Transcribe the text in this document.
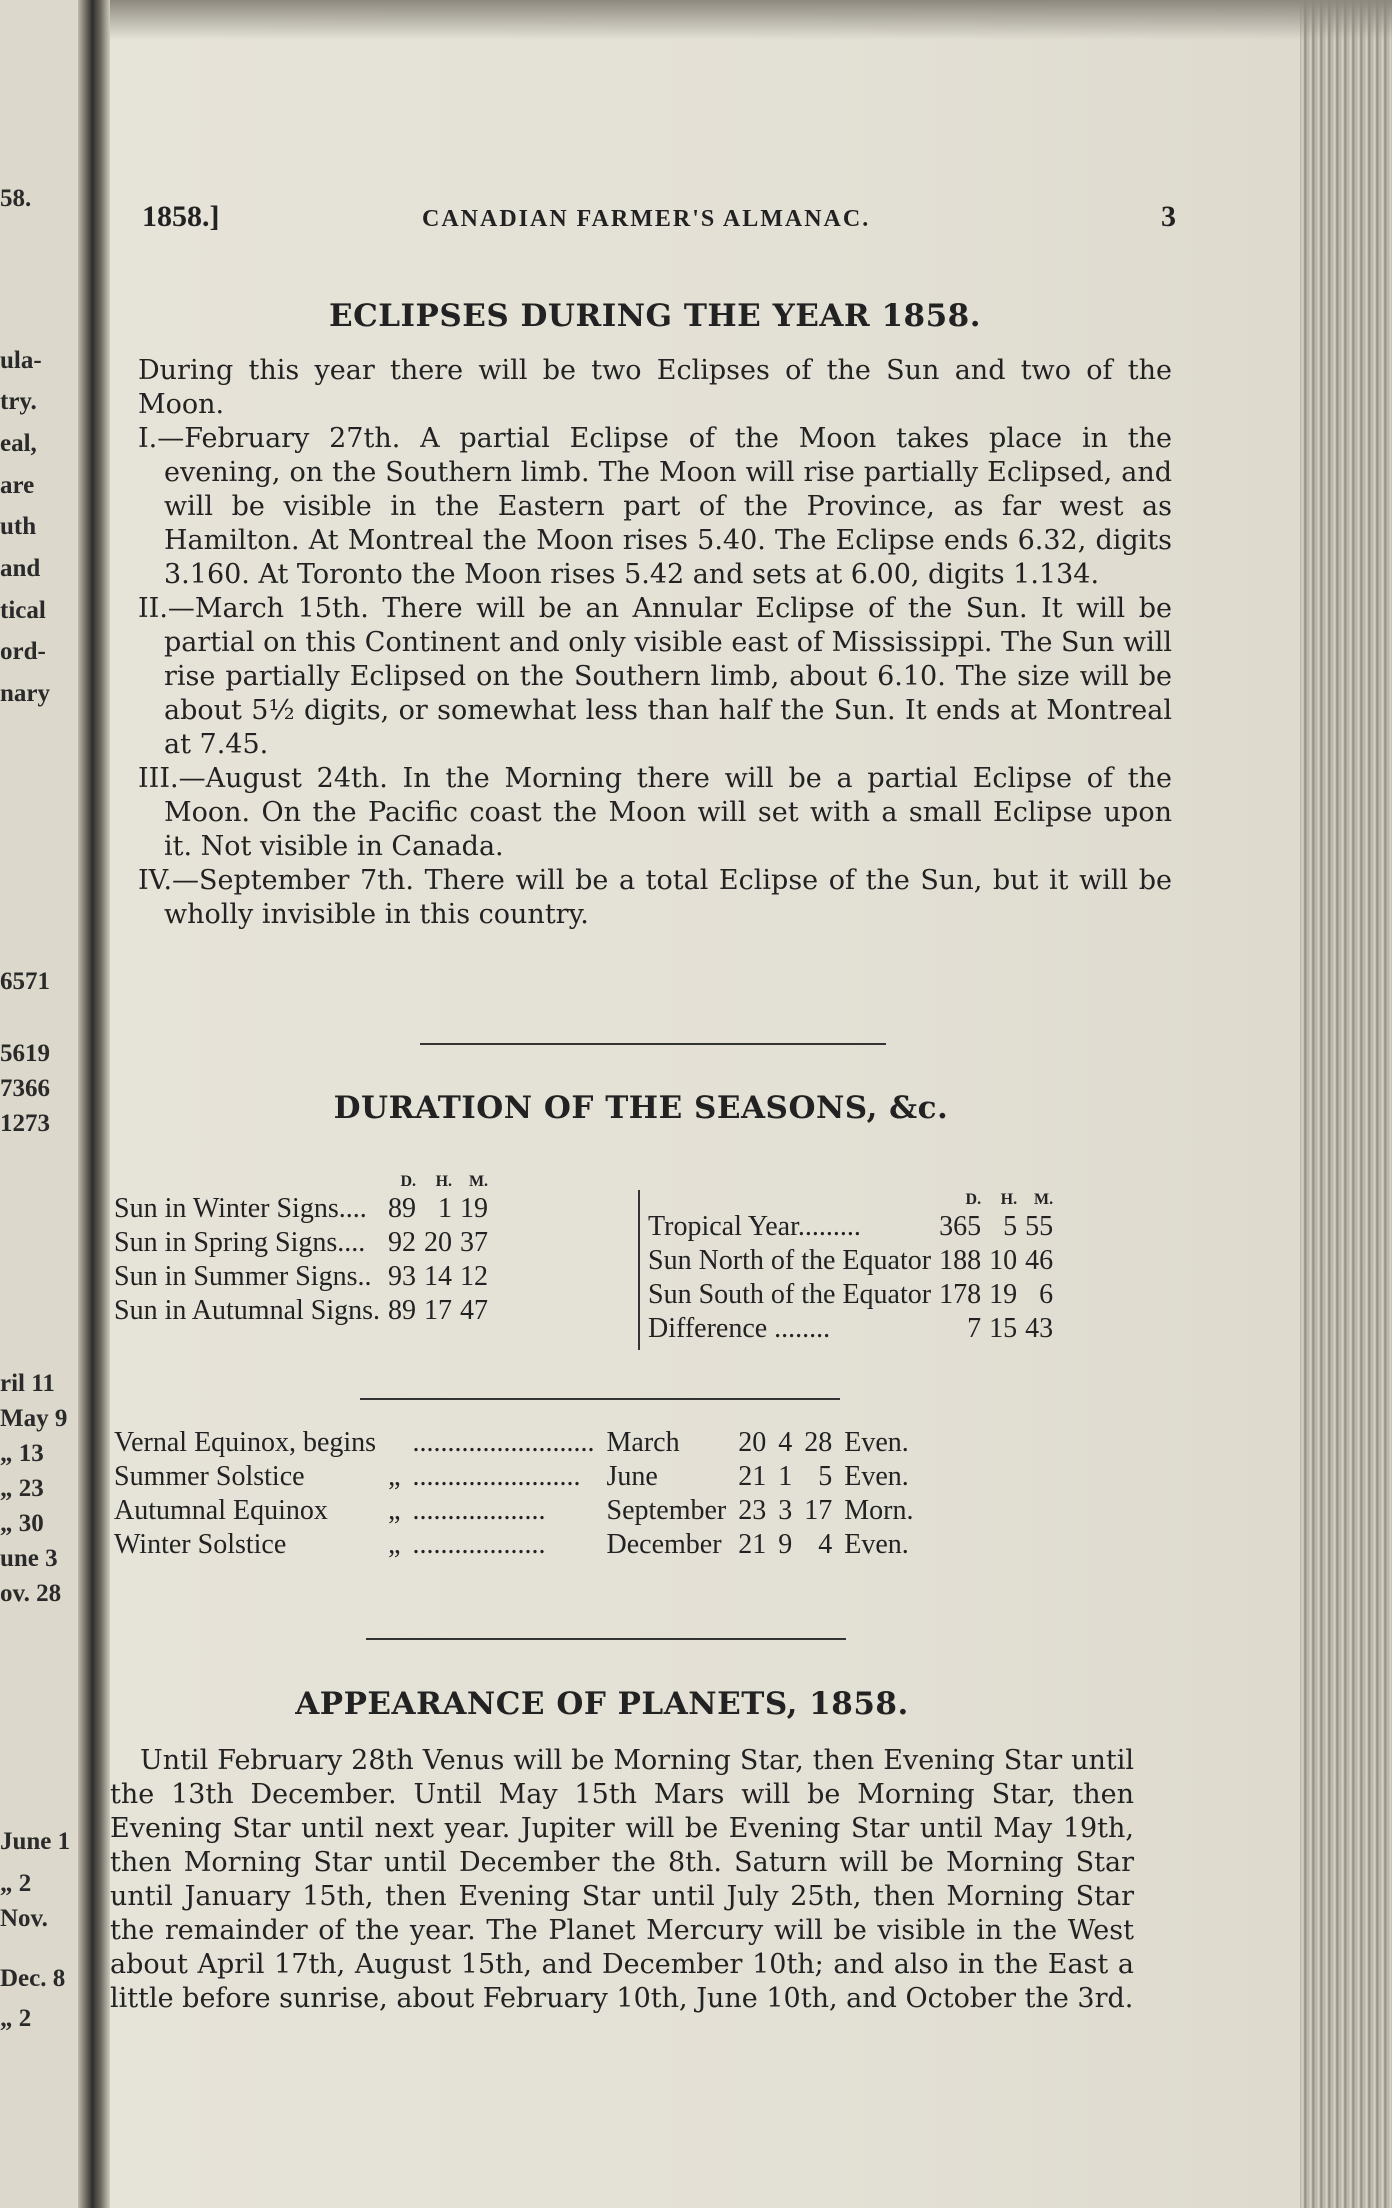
58.
ula-
try.
eal,
are
uth
and
tical
ord-
nary
6571
5619
7366
1273
ril 11
May 9
„ 13
„ 23
„ 30
une 3
ov. 28
June 1
„ 2
Nov.
Dec. 8
„ 2
1858.]	CANADIAN FARMER'S ALMANAC.	3
ECLIPSES DURING THE YEAR 1858.

During this year there will be two Eclipses of the Sun and two of the Moon.

I.—February 27th. A partial Eclipse of the Moon takes place in the evening, on the Southern limb. The Moon will rise partially Eclipsed, and will be visible in the Eastern part of the Province, as far west as Hamilton. At Montreal the Moon rises 5.40. The Eclipse ends 6.32, digits 3.160. At Toronto the Moon rises 5.42 and sets at 6.00, digits 1.134.

II.—March 15th. There will be an Annular Eclipse of the Sun. It will be partial on this Continent and only visible east of Mississippi. The Sun will rise partially Eclipsed on the Southern limb, about 6.10. The size will be about 5½ digits, or somewhat less than half the Sun. It ends at Montreal at 7.45.

III.—August 24th. In the Morning there will be a partial Eclipse of the Moon. On the Pacific coast the Moon will set with a small Eclipse upon it. Not visible in Canada.

IV.—September 7th. There will be a total Eclipse of the Sun, but it will be wholly invisible in this country.

DURATION OF THE SEASONS, &c.
	D.	H.	M.
Sun in Winter Signs....	89	1	19
Sun in Spring Signs....	92	20	37
Sun in Summer Signs..	93	14	12
Sun in Autumnal Signs.	89	17	47
	D.	H.	M.
Tropical Year.........	365	5	55
Sun North of the Equator	188	10	46
Sun South of the Equator	178	19	6
Difference ........	7	15	43
Vernal Equinox, begins		..........................	March	20	4	28	Even.
Summer Solstice	„	........................	June	21	1	5	Even.
Autumnal Equinox	„	...................	September	23	3	17	Morn.
Winter Solstice	„	...................	December	21	9	4	Even.
APPEARANCE OF PLANETS, 1858.

Until February 28th Venus will be Morning Star, then Evening Star until the 13th December. Until May 15th Mars will be Morning Star, then Evening Star until next year. Jupiter will be Evening Star until May 19th, then Morning Star until December the 8th. Saturn will be Morning Star until January 15th, then Evening Star until July 25th, then Morning Star the remainder of the year. The Planet Mercury will be visible in the West about April 17th, August 15th, and December 10th; and also in the East a little before sunrise, about February 10th, June 10th, and October the 3rd.
